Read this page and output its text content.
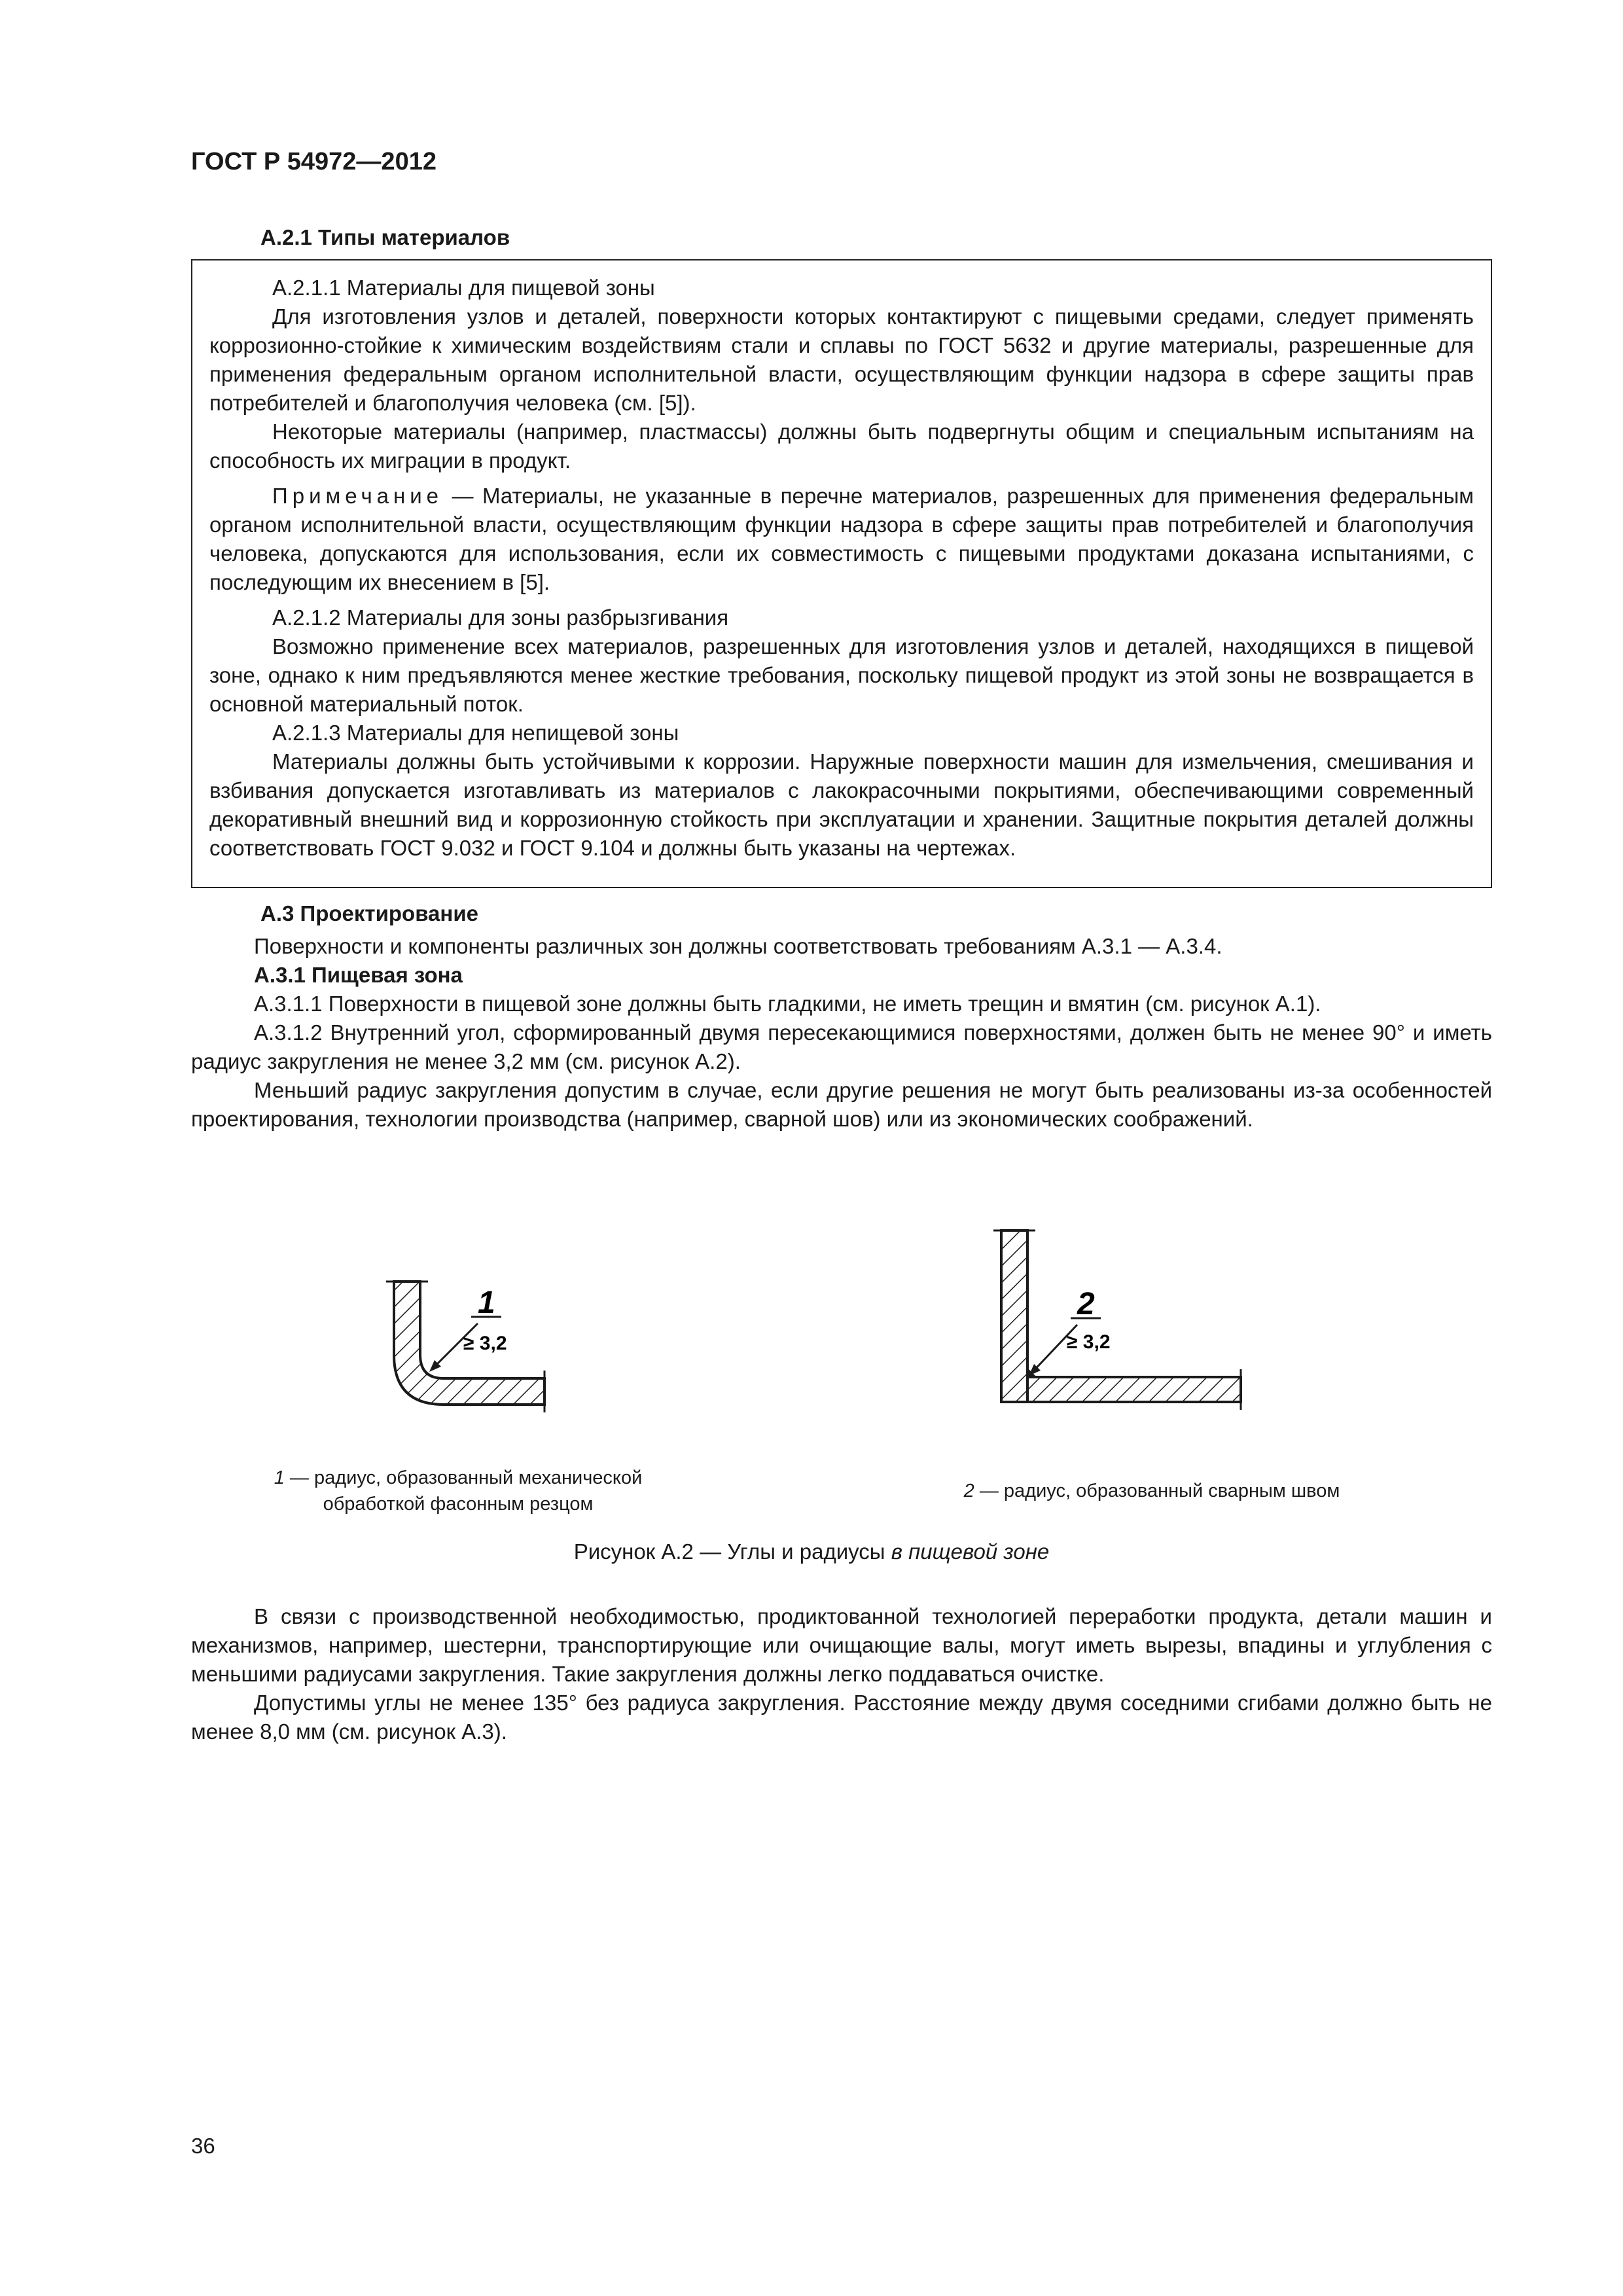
ГОСТ Р 54972—2012
А.2.1 Типы материалов

А.2.1.1 Материалы для пищевой зоны

Для изготовления узлов и деталей, поверхности которых контактируют с пищевыми средами, следует применять коррозионно-стойкие к химическим воздействиям стали и сплавы по ГОСТ 5632 и другие материалы, разрешенные для применения федеральным органом исполнительной власти, осуществляющим функции надзора в сфере защиты прав потребителей и благополучия человека (см. [5]).

Некоторые материалы (например, пластмассы) должны быть подвергнуты общим и специальным испытаниям на способность их миграции в продукт.

Примечание — Материалы, не указанные в перечне материалов, разрешенных для применения федеральным органом исполнительной власти, осуществляющим функции надзора в сфере защиты прав потребителей и благополучия человека, допускаются для использования, если их совместимость с пищевыми продуктами доказана испытаниями, с последующим их внесением в [5].

А.2.1.2 Материалы для зоны разбрызгивания

Возможно применение всех материалов, разрешенных для изготовления узлов и деталей, находящихся в пищевой зоне, однако к ним предъявляются менее жесткие требования, поскольку пищевой продукт из этой зоны не возвращается в основной материальный поток.

А.2.1.3 Материалы для непищевой зоны

Материалы должны быть устойчивыми к коррозии. Наружные поверхности машин для измельчения, смешивания и взбивания допускается изготавливать из материалов с лакокрасочными покрытиями, обеспечивающими современный декоративный внешний вид и коррозионную стойкость при эксплуатации и хранении. Защитные покрытия деталей должны соответствовать ГОСТ 9.032 и ГОСТ 9.104 и должны быть указаны на чертежах.

А.3 Проектирование

Поверхности и компоненты различных зон должны соответствовать требованиям А.3.1 — А.3.4.

А.3.1 Пищевая зона

А.3.1.1 Поверхности в пищевой зоне должны быть гладкими, не иметь трещин и вмятин (см. рисунок А.1).

А.3.1.2 Внутренний угол, сформированный двумя пересекающимися поверхностями, должен быть не менее 90° и иметь радиус закругления не менее 3,2 мм (см. рисунок А.2).

Меньший радиус закругления допустим в случае, если другие решения не могут быть реализованы из-за особенностей проектирования, технологии производства (например, сварной шов) или из экономических соображений.

1
≥ 3,2
2
≥ 3,2
1 — радиус, образованный механической обработкой фасонным резцом
2 — радиус, образованный сварным швом
Рисунок А.2 — Углы и радиусы в пищевой зоне

В связи с производственной необходимостью, продиктованной технологией переработки продукта, детали машин и механизмов, например, шестерни, транспортирующие или очищающие валы, могут иметь вырезы, впадины и углубления с меньшими радиусами закругления. Такие закругления должны легко поддаваться очистке.

Допустимы углы не менее 135° без радиуса закругления. Расстояние между двумя соседними сгибами должно быть не менее 8,0 мм (см. рисунок А.3).

36
